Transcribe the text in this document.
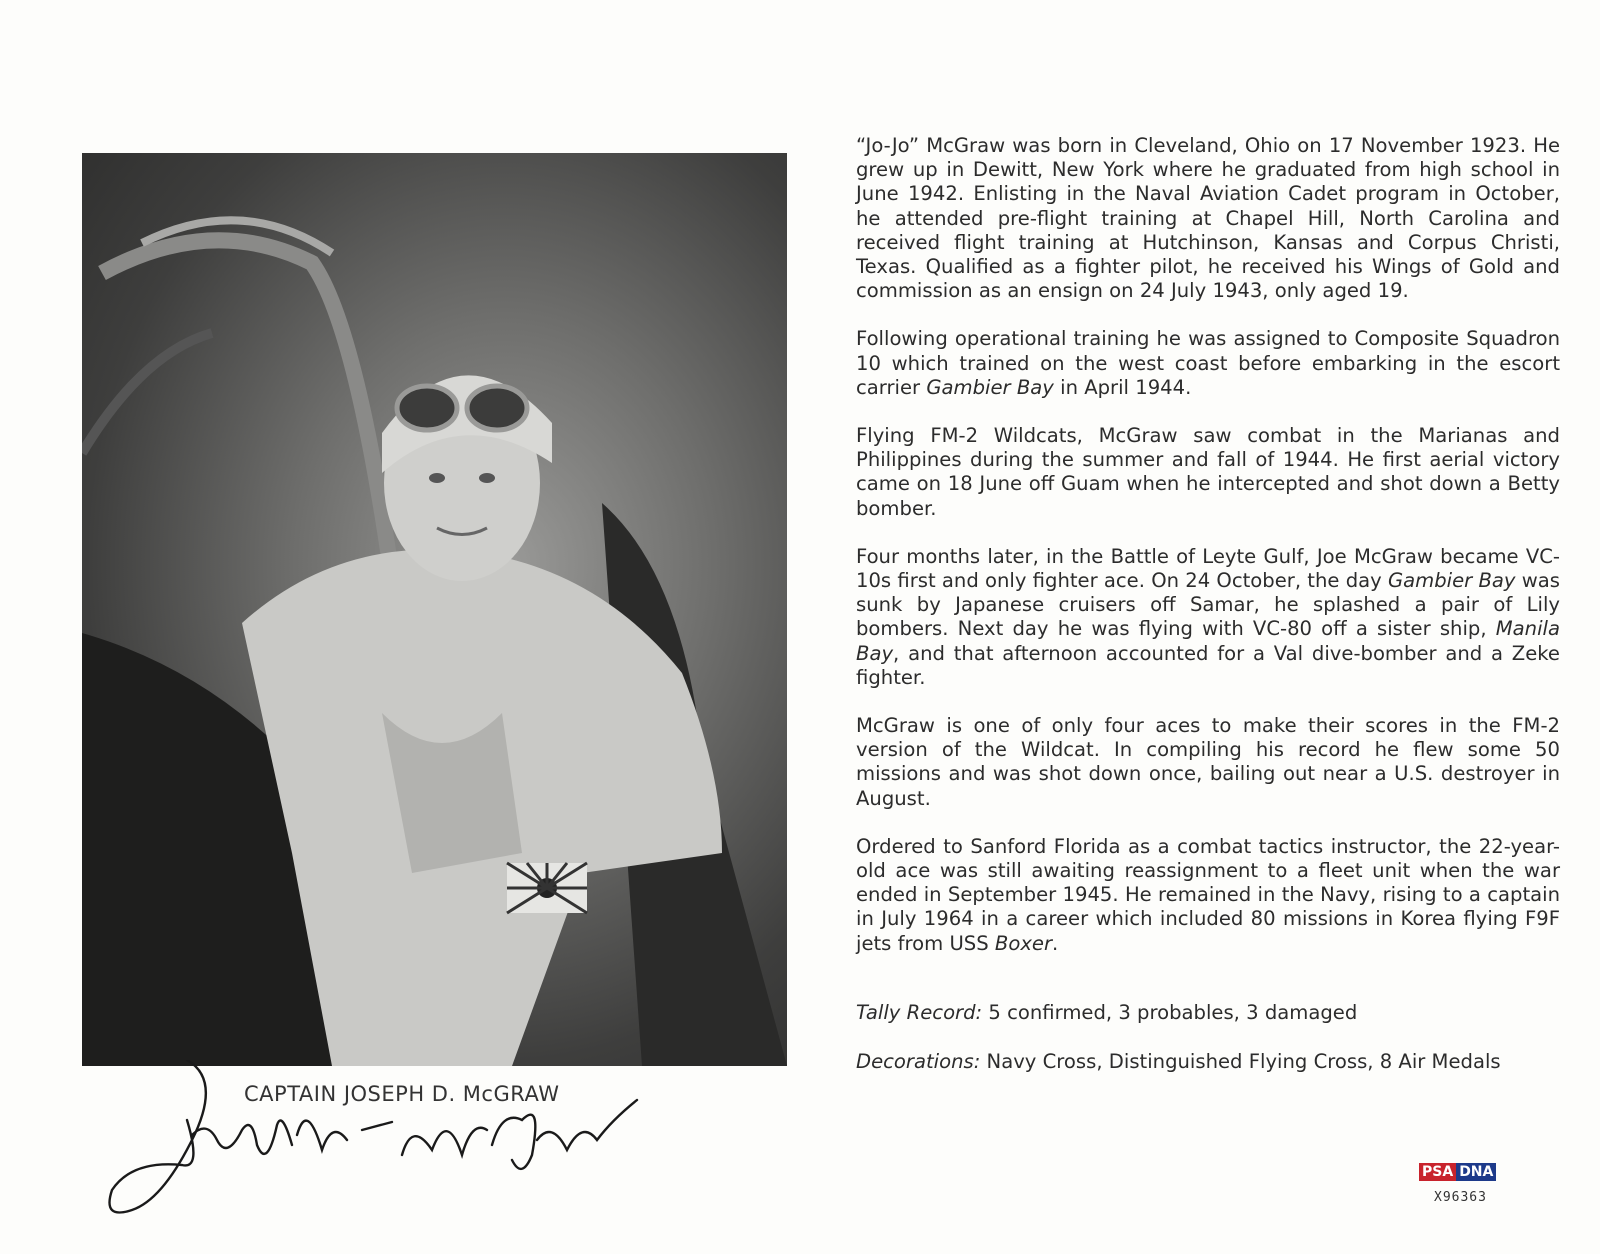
CAPTAIN JOSEPH D. McGRAW

“Jo-Jo” McGraw was born in Cleveland, Ohio on 17 November 1923. He grew up in Dewitt, New York where he graduated from high school in June 1942. Enlisting in the Naval Aviation Cadet program in October, he attended pre-flight training at Chapel Hill, North Carolina and received flight training at Hutchinson, Kansas and Corpus Christi, Texas. Qualified as a fighter pilot, he received his Wings of Gold and commission as an ensign on 24 July 1943, only aged 19.

Following operational training he was assigned to Composite Squadron 10 which trained on the west coast before embarking in the escort carrier Gambier Bay in April 1944.

Flying FM-2 Wildcats, McGraw saw combat in the Marianas and Philippines during the summer and fall of 1944. He first aerial victory came on 18 June off Guam when he intercepted and shot down a Betty bomber.

Four months later, in the Battle of Leyte Gulf, Joe McGraw became VC-10s first and only fighter ace. On 24 October, the day Gambier Bay was sunk by Japanese cruisers off Samar, he splashed a pair of Lily bombers. Next day he was flying with VC-80 off a sister ship, Manila Bay, and that afternoon accounted for a Val dive-bomber and a Zeke fighter.

McGraw is one of only four aces to make their scores in the FM-2 version of the Wildcat. In compiling his record he flew some 50 missions and was shot down once, bailing out near a U.S. destroyer in August.

Ordered to Sanford Florida as a combat tactics instructor, the 22-year-old ace was still awaiting reassignment to a fleet unit when the war ended in September 1945. He remained in the Navy, rising to a captain in July 1964 in a career which included 80 missions in Korea flying F9F jets from USS Boxer.

Tally Record: 5 confirmed, 3 probables, 3 damaged
Decorations: Navy Cross, Distinguished Flying Cross, 8 Air Medals
PSA DNA
X96363
